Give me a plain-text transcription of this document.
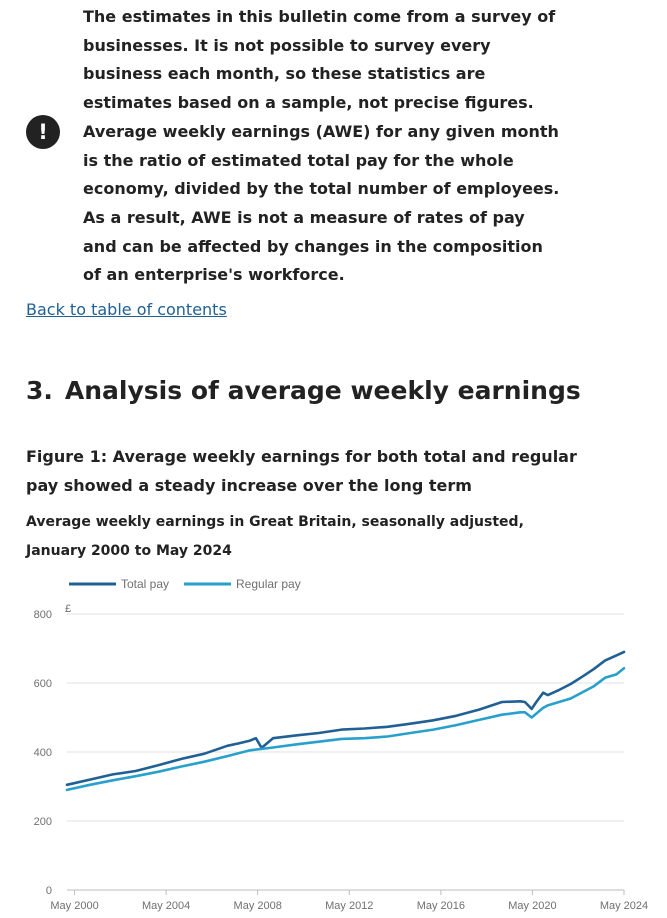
!

The estimates in this bulletin come from a survey of businesses. It is not possible to survey every business each month, so these statistics are estimates based on a sample, not precise figures. Average weekly earnings (AWE) for any given month is the ratio of estimated total pay for the whole economy, divided by the total number of employees. As a result, AWE is not a measure of rates of pay and can be affected by changes in the composition of an enterprise's workforce.

Back to table of contents
3. Analysis of average weekly earnings
Figure 1: Average weekly earnings for both total and regular pay showed a steady increase over the long term

Average weekly earnings in Great Britain, seasonally adjusted, January 2000 to May 2024

Total pay	Regular pay
£
0
200
400
600
800
May 2000	May 2004	May 2008	May 2012	May 2016	May 2020	May 2024
